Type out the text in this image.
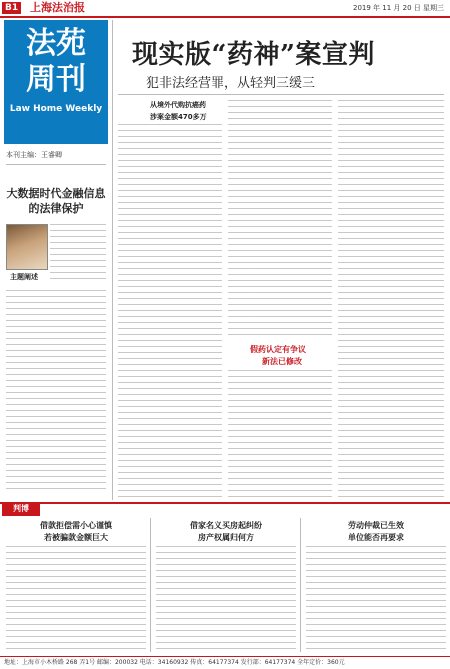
B1 上海法治报	2019 年 11 月 20 日 星期三
法苑周刊
Law Home Weekly
本刊主编：王睿卿
大数据时代金融信息的法律保护
主题阐述
现实版“药神”案宣判
犯非法经营罪，从轻判三缓三
从境外代购抗癌药
涉案金额470多万
假药认定有争议
新法已修改
判博
借款拒偿需小心谨慎
若被骗款金额巨大
借家名义买房起纠纷
房产权属归何方
劳动仲裁已生效
单位能否再要求
地址：上海市小木桥路 268 弄1号 邮编：200032 电话：34160932 传真：64177374 发行部：64177374 全年定价：360元
